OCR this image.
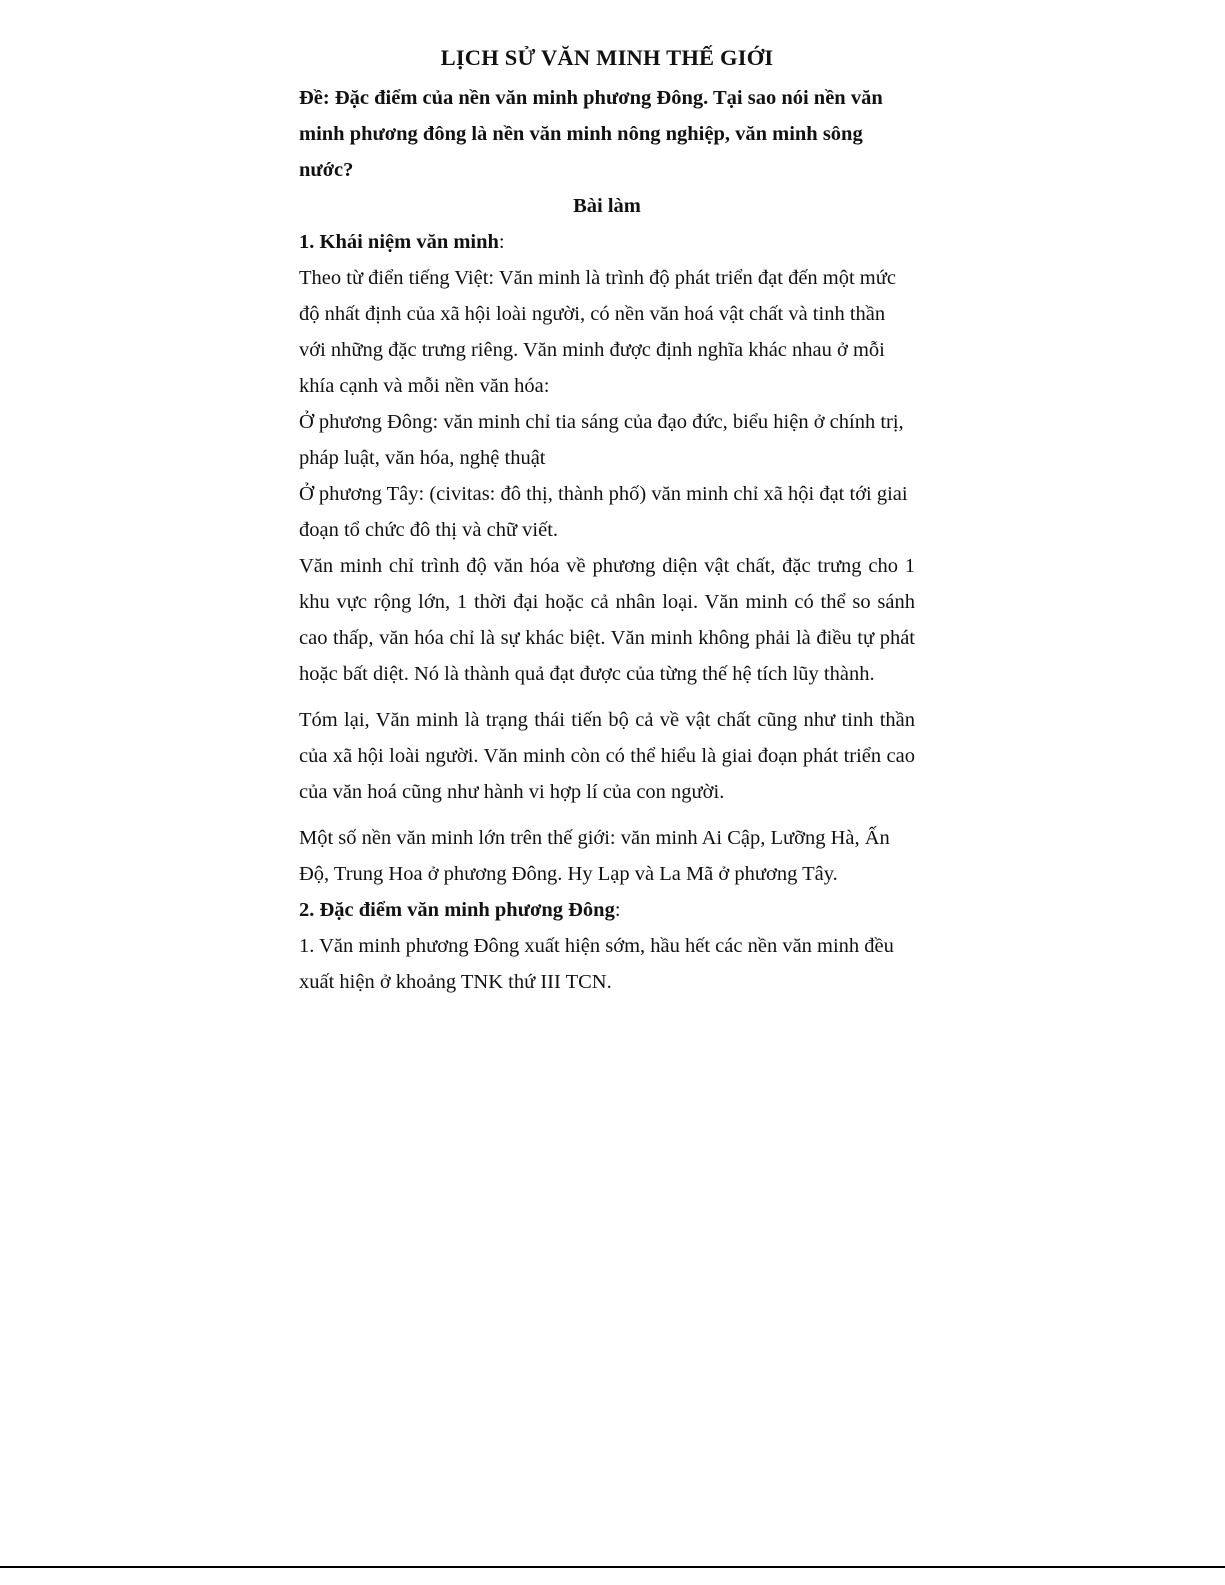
LỊCH SỬ VĂN MINH THẾ GIỚI

Đề: Đặc điểm của nền văn minh phương Đông. Tại sao nói nền văn minh phương đông là nền văn minh nông nghiệp, văn minh sông nước?

Bài làm

1. Khái niệm văn minh:

Theo từ điển tiếng Việt: Văn minh là trình độ phát triển đạt đến một mức độ nhất định của xã hội loài người, có nền văn hoá vật chất và tinh thần với những đặc trưng riêng. Văn minh được định nghĩa khác nhau ở mỗi khía cạnh và mỗi nền văn hóa:

Ở phương Đông: văn minh chỉ tia sáng của đạo đức, biểu hiện ở chính trị, pháp luật, văn hóa, nghệ thuật

Ở phương Tây: (civitas: đô thị, thành phố) văn minh chỉ xã hội đạt tới giai đoạn tổ chức đô thị và chữ viết.

Văn minh chỉ trình độ văn hóa về phương diện vật chất, đặc trưng cho 1 khu vực rộng lớn, 1 thời đại hoặc cả nhân loại. Văn minh có thể so sánh cao thấp, văn hóa chỉ là sự khác biệt. Văn minh không phải là điều tự phát hoặc bất diệt. Nó là thành quả đạt được của từng thế hệ tích lũy thành.

Tóm lại, Văn minh là trạng thái tiến bộ cả về vật chất cũng như tinh thần của xã hội loài người. Văn minh còn có thể hiểu là giai đoạn phát triển cao của văn hoá cũng như hành vi hợp lí của con người.

Một số nền văn minh lớn trên thế giới: văn minh Ai Cập, Lưỡng Hà, Ấn Độ, Trung Hoa ở phương Đông. Hy Lạp và La Mã ở phương Tây.

2. Đặc điểm văn minh phương Đông:

1. Văn minh phương Đông xuất hiện sớm, hầu hết các nền văn minh đều xuất hiện ở khoảng TNK thứ III TCN.
